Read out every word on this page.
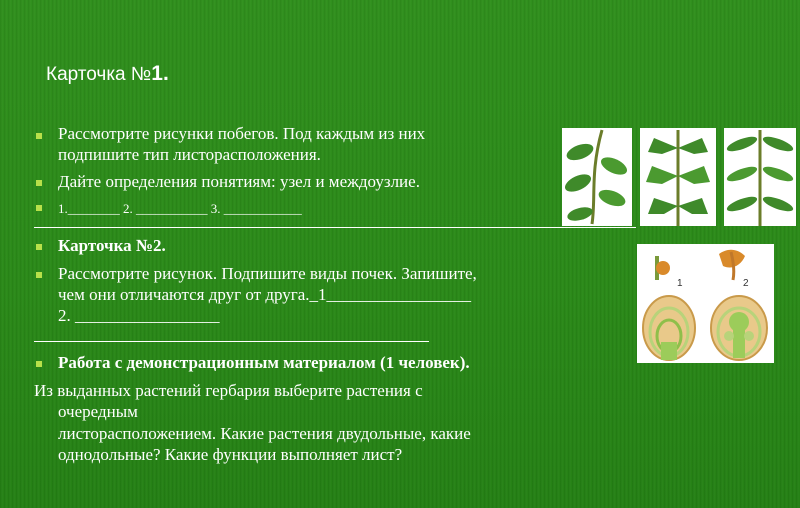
Карточка №1.
Рассмотрите рисунки побегов. Под каждым из них
подпишите тип листорасположения.
Дайте определения понятиям: узел и междоузлие.
1.________ 2. ___________ 3. ____________
Карточка №2.
Рассмотрите рисунок. Подпишите виды почек. Запишите,
чем они отличаются друг от друга._1_________________
2. _________________
1	2
Работа с демонстрационным материалом (1 человек).
Из выданных растений гербария выберите растения с
очередным
листорасположением. Какие растения двудольные, какие
однодольные? Какие функции выполняет лист?
